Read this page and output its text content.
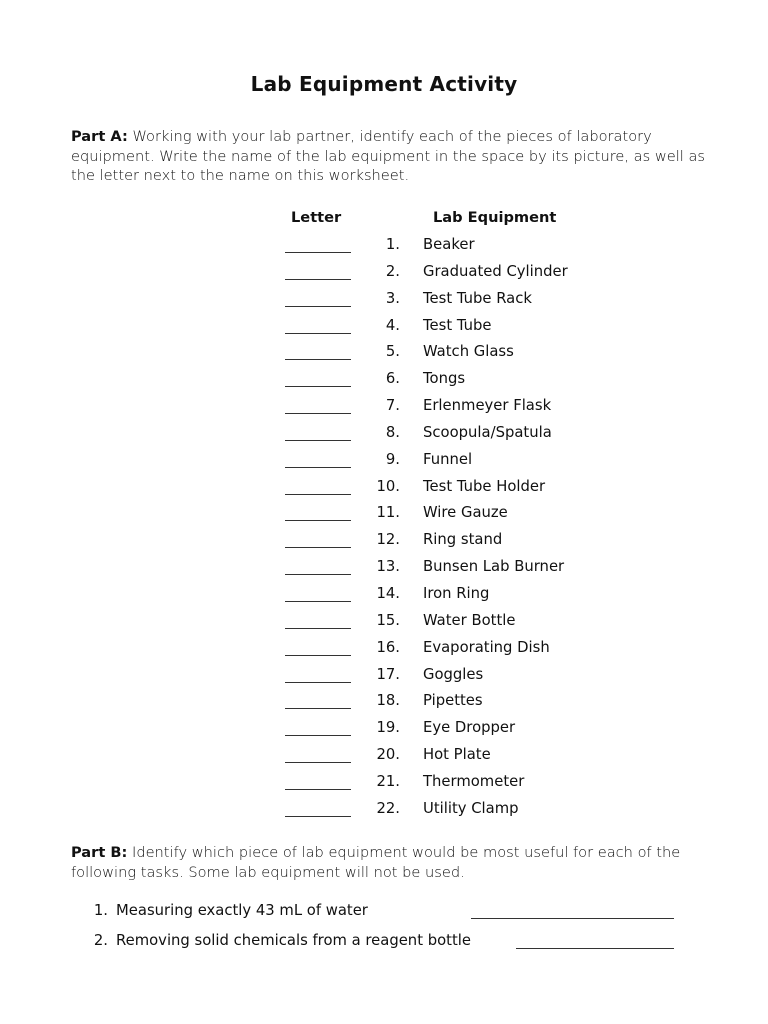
Lab Equipment Activity
Part A: Working with your lab partner, identify each of the pieces of laboratory equipment. Write the name of the lab equipment in the space by its picture, as well as the letter next to the name on this worksheet.
Letter	Lab Equipment
1. Beaker
2. Graduated Cylinder
3. Test Tube Rack
4. Test Tube
5. Watch Glass
6. Tongs
7. Erlenmeyer Flask
8. Scoopula/Spatula
9. Funnel
10. Test Tube Holder
11. Wire Gauze
12. Ring stand
13. Bunsen Lab Burner
14. Iron Ring
15. Water Bottle
16. Evaporating Dish
17. Goggles
18. Pipettes
19. Eye Dropper
20. Hot Plate
21. Thermometer
22. Utility Clamp
Part B: Identify which piece of lab equipment would be most useful for each of the following tasks. Some lab equipment will not be used.
1. Measuring exactly 43 mL of water
2. Removing solid chemicals from a reagent bottle
